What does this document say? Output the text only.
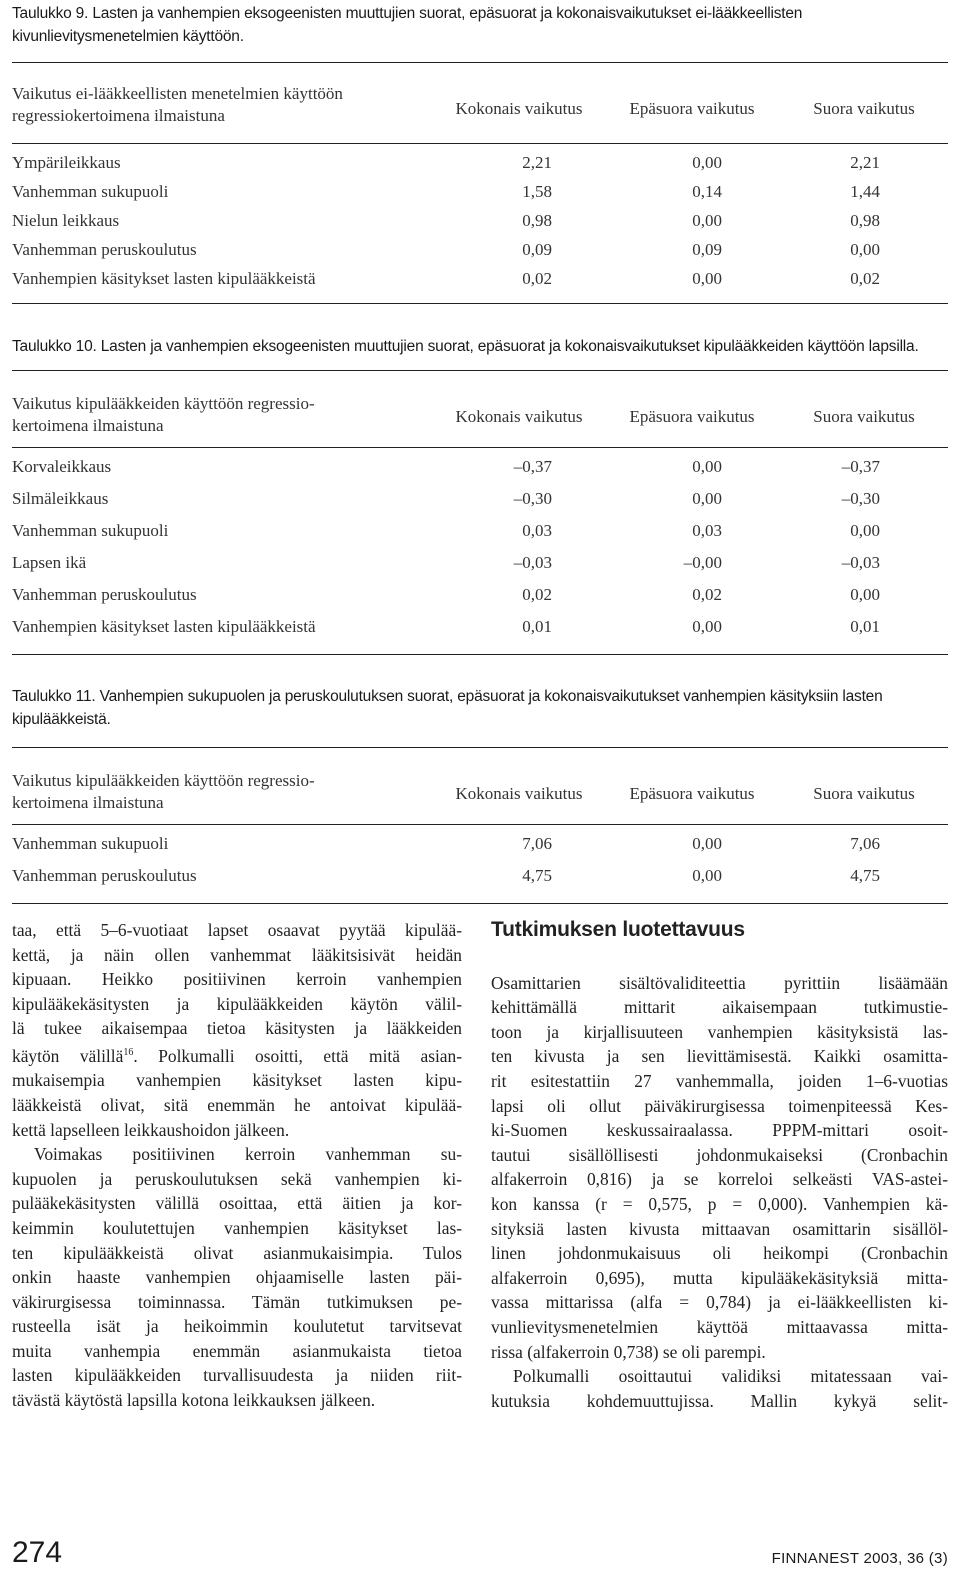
Taulukko 9. Lasten ja vanhempien eksogeenisten muuttujien suorat, epäsuorat ja kokonaisvaikutukset ei-lääkkeellisten kivunlievitysmenetelmien käyttöön.
Vaikutus ei-lääkkeellisten menetelmien käyttöön
regressiokertoimena ilmaistuna	Kokonais vaikutus	Epäsuora vaikutus	Suora vaikutus
Ympärileikkaus	2,21	0,00	2,21
Vanhemman sukupuoli	1,58	0,14	1,44
Nielun leikkaus	0,98	0,00	0,98
Vanhemman peruskoulutus	0,09	0,09	0,00
Vanhempien käsitykset lasten kipulääkkeistä	0,02	0,00	0,02
Taulukko 10. Lasten ja vanhempien eksogeenisten muuttujien suorat, epäsuorat ja kokonaisvaikutukset kipulääkkeiden käyttöön lapsilla.
Vaikutus kipulääkkeiden käyttöön regressio-
kertoimena ilmaistuna	Kokonais vaikutus	Epäsuora vaikutus	Suora vaikutus
Korvaleikkaus	–0,37	0,00	–0,37
Silmäleikkaus	–0,30	0,00	–0,30
Vanhemman sukupuoli	0,03	0,03	0,00
Lapsen ikä	–0,03	–0,00	–0,03
Vanhemman peruskoulutus	0,02	0,02	0,00
Vanhempien käsitykset lasten kipulääkkeistä	0,01	0,00	0,01
Taulukko 11. Vanhempien sukupuolen ja peruskoulutuksen suorat, epäsuorat ja kokonaisvaikutukset vanhempien käsityksiin lasten kipulääkkeistä.
Vaikutus kipulääkkeiden käyttöön regressio-
kertoimena ilmaistuna	Kokonais vaikutus	Epäsuora vaikutus	Suora vaikutus
Vanhemman sukupuoli	7,06	0,00	7,06
Vanhemman peruskoulutus	4,75	0,00	4,75

taa, että 5–6-vuotiaat lapset osaavat pyytää kipulää-
kettä, ja näin ollen vanhemmat lääkitsisivät heidän
kipuaan. Heikko positiivinen kerroin vanhempien
kipulääkekäsitysten ja kipulääkkeiden käytön välil-
lä tukee aikaisempaa tietoa käsitysten ja lääkkeiden
käytön välillä$^{16}$. Polkumalli osoitti, että mitä asian-
mukaisempia vanhempien käsitykset lasten kipu-
lääkkeistä olivat, sitä enemmän he antoivat kipulää-
kettä lapselleen leikkaushoidon jälkeen.

Voimakas positiivinen kerroin vanhemman su-
kupuolen ja peruskoulutuksen sekä vanhempien ki-
pulääkekäsitysten välillä osoittaa, että äitien ja kor-
keimmin koulutettujen vanhempien käsitykset las-
ten kipulääkkeistä olivat asianmukaisimpia. Tulos
onkin haaste vanhempien ohjaamiselle lasten päi-
väkirurgisessa toiminnassa. Tämän tutkimuksen pe-
rusteella isät ja heikoimmin koulutetut tarvitsevat
muita vanhempia enemmän asianmukaista tietoa
lasten kipulääkkeiden turvallisuudesta ja niiden riit-
tävästä käytöstä lapsilla kotona leikkauksen jälkeen.

Tutkimuksen luotettavuus

Osamittarien sisältövaliditeettia pyrittiin lisäämään
kehittämällä mittarit aikaisempaan tutkimustie-
toon ja kirjallisuuteen vanhempien käsityksistä las-
ten kivusta ja sen lievittämisestä. Kaikki osamitta-
rit esitestattiin 27 vanhemmalla, joiden 1–6-vuotias
lapsi oli ollut päiväkirurgisessa toimenpiteessä Kes-
ki-Suomen keskussairaalassa. PPPM-mittari osoit-
tautui sisällöllisesti johdonmukaiseksi (Cronbachin
alfakerroin 0,816) ja se korreloi selkeästi VAS-astei-
kon kanssa (r = 0,575, p = 0,000). Vanhempien kä-
sityksiä lasten kivusta mittaavan osamittarin sisällöl-
linen johdonmukaisuus oli heikompi (Cronbachin
alfakerroin 0,695), mutta kipulääkekäsityksiä mitta-
vassa mittarissa (alfa = 0,784) ja ei-lääkkeellisten ki-
vunlievitysmenetelmien käyttöä mittaavassa mitta-
rissa (alfakerroin 0,738) se oli parempi.

Polkumalli osoittautui validiksi mitatessaan vai-
kutuksia kohdemuuttujissa. Mallin kykyä selit-

274	FINNANEST 2003, 36 (3)
